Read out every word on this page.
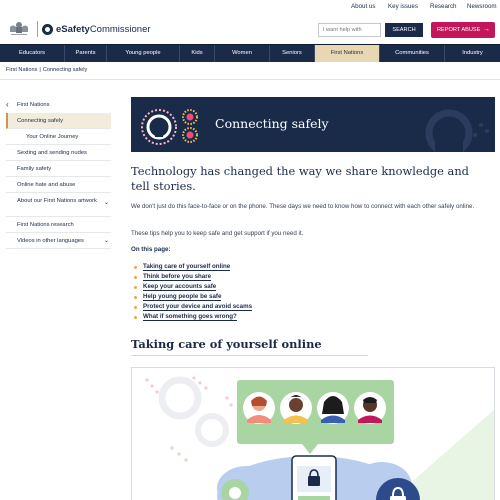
About us Key issues Research Newsroom
eSafetyCommissioner
I want help with	SEARCH	REPORT ABUSE →
Educators	Parents	Young people	Kids	Women	Seniors	First Nations	Communities	Industry
First Nations | Connecting safely
‹ First Nations
Connecting safely
Your Online Journey
Sexting and sending nudes
Family safety
Online hate and abuse
About our First Nations artwork ⌄
First Nations research
Videos in other languages	⌄
Connecting safely
Technology has changed the way we share knowledge and tell stories.
We don't just do this face-to-face or on the phone. These days we need to know how to connect with each other safely online.
These tips help you to keep safe and get support if you need it.
On this page:
Taking care of yourself online
Think before you share
Keep your accounts safe
Help young people be safe
Protect your device and avoid scams
What if something goes wrong?
Taking care of yourself online
